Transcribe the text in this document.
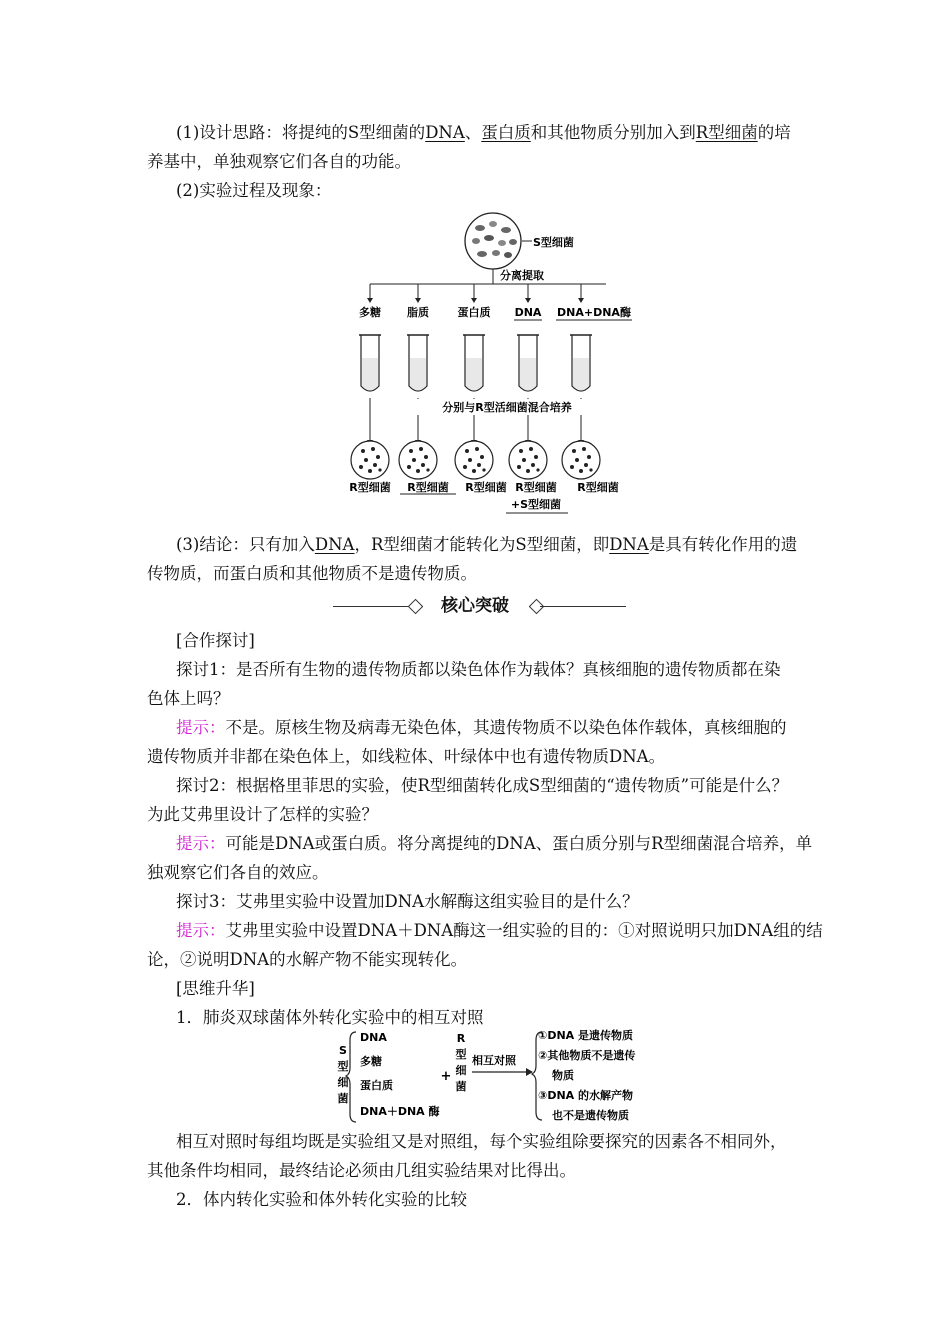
(1)设计思路：将提纯的S型细菌的DNA、蛋白质和其他物质分别加入到R型细菌的培
养基中，单独观察它们各自的功能。
(2)实验过程及现象：
S型细菌
分离提取
多糖 脂质	蛋白质 DNA DNA+DNA酶
分别与R型活细菌混合培养
R型细菌 R型细菌 R型细菌 R型细菌
+S型细菌
R型细菌
(3)结论：只有加入DNA，R型细菌才能转化为S型细菌，即DNA是具有转化作用的遗
传物质，而蛋白质和其他物质不是遗传物质。
核心突破
[合作探讨]
探讨1：是否所有生物的遗传物质都以染色体作为载体？真核细胞的遗传物质都在染
色体上吗？
提示：不是。原核生物及病毒无染色体，其遗传物质不以染色体作载体，真核细胞的
遗传物质并非都在染色体上，如线粒体、叶绿体中也有遗传物质DNA。
探讨2：根据格里菲思的实验，使R型细菌转化成S型细菌的“遗传物质”可能是什么？
为此艾弗里设计了怎样的实验？
提示：可能是DNA或蛋白质。将分离提纯的DNA、蛋白质分别与R型细菌混合培养，单
独观察它们各自的效应。
探讨3：艾弗里实验中设置加DNA水解酶这组实验目的是什么？
提示：艾弗里实验中设置DNA＋DNA酶这一组实验的目的：①对照说明只加DNA组的结
论，②说明DNA的水解产物不能实现转化。
[思维升华]
1．肺炎双球菌体外转化实验中的相互对照
S
型
细
菌
DNA
多糖
蛋白质
DNA＋DNA 酶
+
R
型
细
菌
相互对照
①DNA 是遗传物质
②其他物质不是遗传
物质
③DNA 的水解产物
也不是遗传物质
相互对照时每组均既是实验组又是对照组，每个实验组除要探究的因素各不相同外，
其他条件均相同，最终结论必须由几组实验结果对比得出。
2．体内转化实验和体外转化实验的比较
